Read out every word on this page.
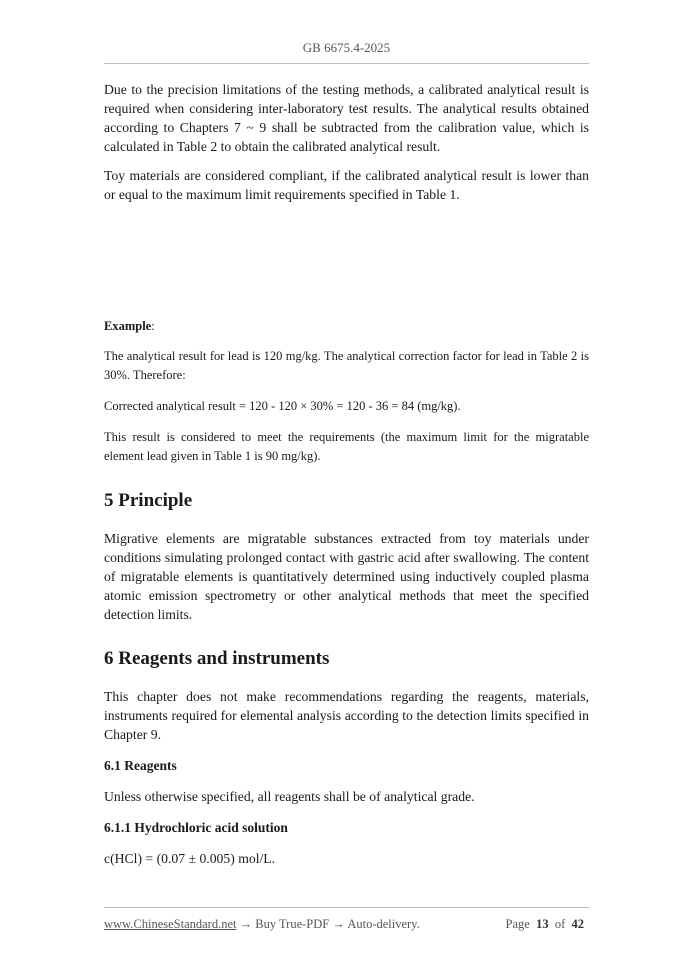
GB 6675.4-2025

Due to the precision limitations of the testing methods, a calibrated analytical result is required when considering inter-laboratory test results. The analytical results obtained according to Chapters 7 ~ 9 shall be subtracted from the calibration value, which is calculated in Table 2 to obtain the calibrated analytical result.

Toy materials are considered compliant, if the calibrated analytical result is lower than or equal to the maximum limit requirements specified in Table 1.

Example:

The analytical result for lead is 120 mg/kg. The analytical correction factor for lead in Table 2 is 30%. Therefore:

Corrected analytical result = 120 - 120 × 30% = 120 - 36 = 84 (mg/kg).

This result is considered to meet the requirements (the maximum limit for the migratable element lead given in Table 1 is 90 mg/kg).

5 Principle

Migrative elements are migratable substances extracted from toy materials under conditions simulating prolonged contact with gastric acid after swallowing. The content of migratable elements is quantitatively determined using inductively coupled plasma atomic emission spectrometry or other analytical methods that meet the specified detection limits.

6 Reagents and instruments

This chapter does not make recommendations regarding the reagents, materials, instruments required for elemental analysis according to the detection limits specified in Chapter 9.

6.1 Reagents

Unless otherwise specified, all reagents shall be of analytical grade.

6.1.1 Hydrochloric acid solution

c(HCl) = (0.07 ± 0.005) mol/L.

www.ChineseStandard.net → Buy True-PDF → Auto-delivery.	Page 13 of 42
